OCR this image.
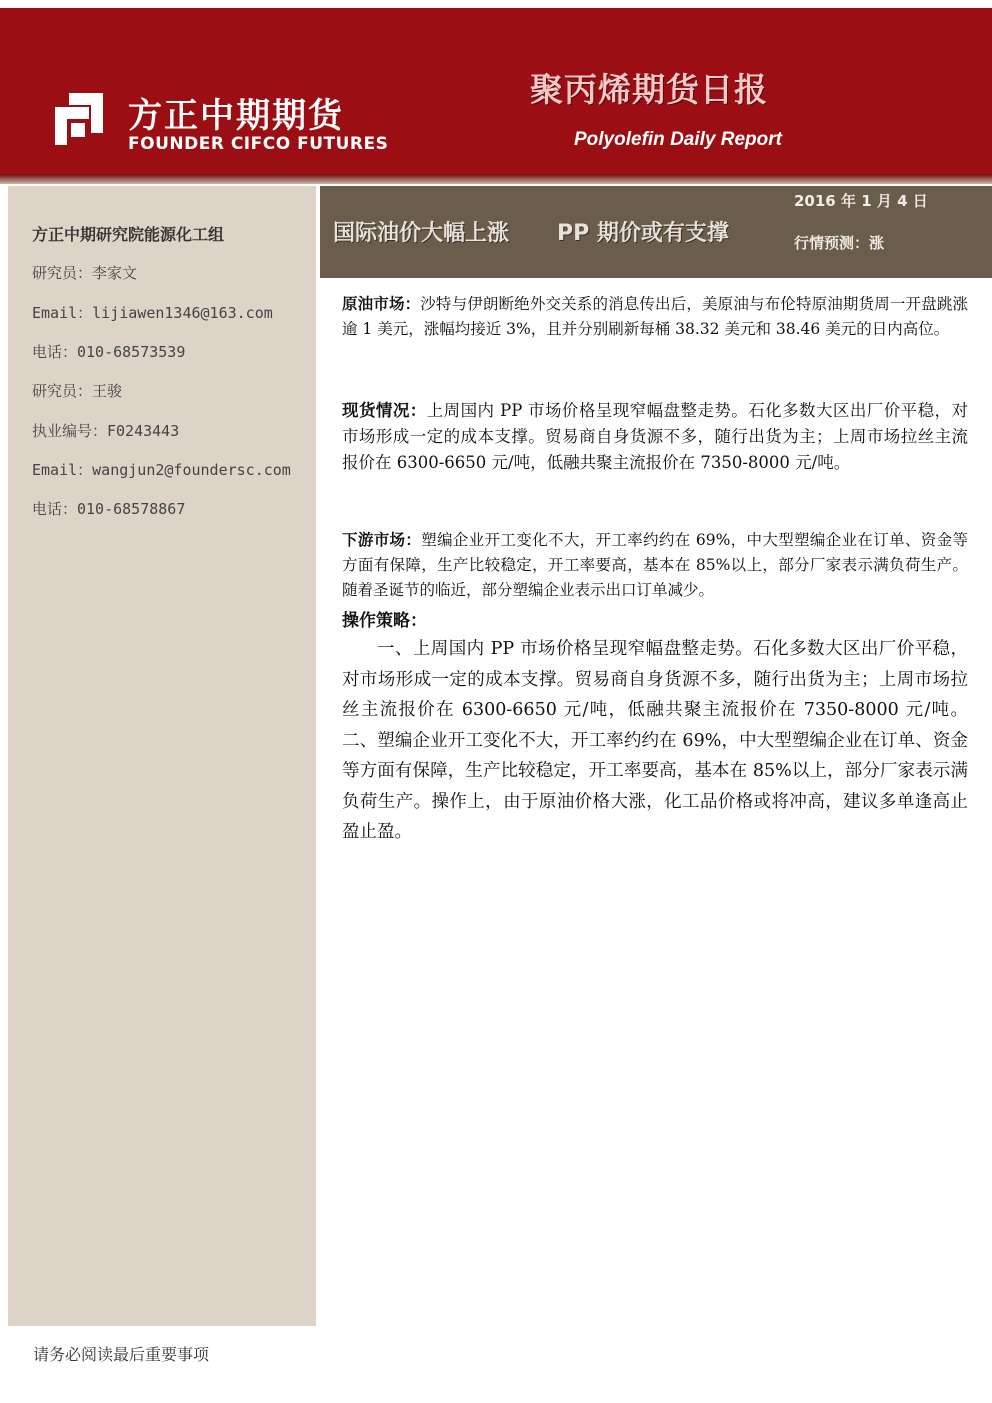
方正中期期货
FOUNDER CIFCO FUTURES
聚丙烯期货日报
Polyolefin Daily Report
方正中期研究院能源化工组
研究员：李家文
Email：lijiawen1346@163.com
电话：010-68573539
研究员：王骏
执业编号：F0243443
Email：wangjun2@foundersc.com
电话：010-68578867
国际油价大幅上涨 PP 期价或有支撑
2016 年 1 月 4 日
行情预测：涨

原油市场：沙特与伊朗断绝外交关系的消息传出后，美原油与布伦特原油期货周一开盘跳涨逾 1 美元，涨幅均接近 3%，且并分别刷新每桶 38.32 美元和 38.46 美元的日内高位。

现货情况：上周国内 PP 市场价格呈现窄幅盘整走势。石化多数大区出厂价平稳，对市场形成一定的成本支撑。贸易商自身货源不多，随行出货为主；上周市场拉丝主流报价在 6300-6650 元/吨，低融共聚主流报价在 7350-8000 元/吨。

下游市场：塑编企业开工变化不大，开工率约约在 69%，中大型塑编企业在订单、资金等方面有保障，生产比较稳定，开工率要高，基本在 85%以上，部分厂家表示满负荷生产。随着圣诞节的临近，部分塑编企业表示出口订单减少。

操作策略：

一、上周国内 PP 市场价格呈现窄幅盘整走势。石化多数大区出厂价平稳，对市场形成一定的成本支撑。贸易商自身货源不多，随行出货为主；上周市场拉丝主流报价在 6300-6650 元/吨，低融共聚主流报价在 7350-8000 元/吨。二、塑编企业开工变化不大，开工率约约在 69%，中大型塑编企业在订单、资金等方面有保障，生产比较稳定，开工率要高，基本在 85%以上，部分厂家表示满负荷生产。操作上，由于原油价格大涨，化工品价格或将冲高，建议多单逢高止盈止盈。

请务必阅读最后重要事项
